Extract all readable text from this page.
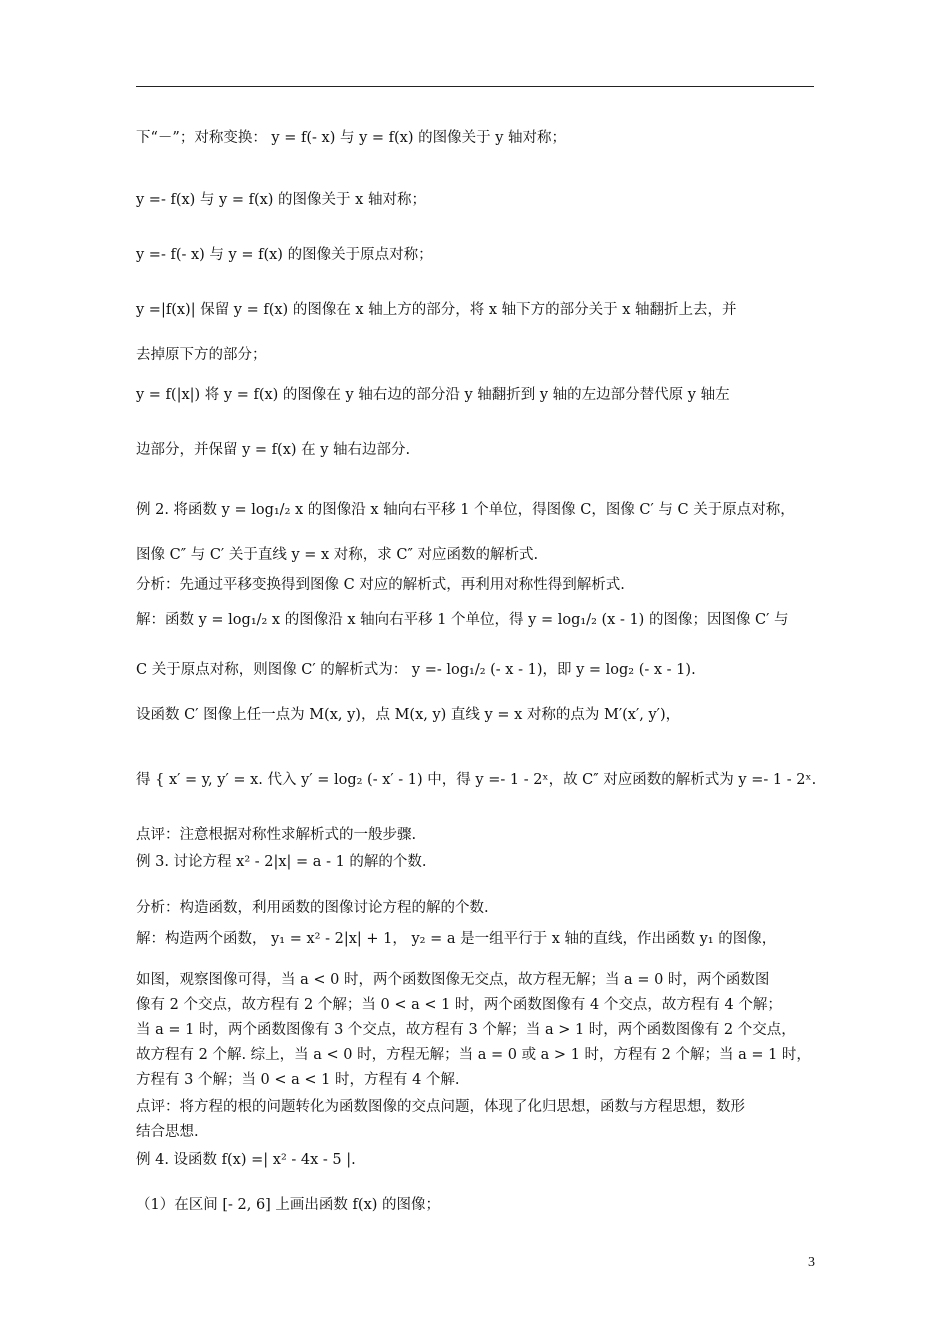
下“－”；对称变换： y = f(- x) 与 y = f(x) 的图像关于 y 轴对称；
y =- f(x) 与 y = f(x) 的图像关于 x 轴对称；
y =- f(- x) 与 y = f(x) 的图像关于原点对称；
y =|f(x)| 保留 y = f(x) 的图像在 x 轴上方的部分，将 x 轴下方的部分关于 x 轴翻折上去，并
去掉原下方的部分；
y = f(|x|) 将 y = f(x) 的图像在 y 轴右边的部分沿 y 轴翻折到 y 轴的左边部分替代原 y 轴左
边部分，并保留 y = f(x) 在 y 轴右边部分.
例 2. 将函数 y = log₁/₂ x 的图像沿 x 轴向右平移 1 个单位，得图像 C，图像 C′ 与 C 关于原点对称，
图像 C″ 与 C′ 关于直线 y = x 对称，求 C″ 对应函数的解析式.
分析：先通过平移变换得到图像 C 对应的解析式，再利用对称性得到解析式.
解：函数 y = log₁/₂ x 的图像沿 x 轴向右平移 1 个单位，得 y = log₁/₂ (x - 1) 的图像；因图像 C′ 与
C 关于原点对称，则图像 C′ 的解析式为： y =- log₁/₂ (- x - 1)，即 y = log₂ (- x - 1).
设函数 C′ 图像上任一点为 M(x, y)，点 M(x, y) 直线 y = x 对称的点为 M′(x′, y′)，
得 { x′ = y, y′ = x. 代入 y′ = log₂ (- x′ - 1) 中，得 y =- 1 - 2ˣ，故 C″ 对应函数的解析式为 y =- 1 - 2ˣ.
点评：注意根据对称性求解析式的一般步骤.
例 3. 讨论方程 x² - 2|x| = a - 1 的解的个数.
分析：构造函数，利用函数的图像讨论方程的解的个数.
解：构造两个函数， y₁ = x² - 2|x| + 1， y₂ = a 是一组平行于 x 轴的直线，作出函数 y₁ 的图像，
如图，观察图像可得，当 a < 0 时，两个函数图像无交点，故方程无解；当 a = 0 时，两个函数图
像有 2 个交点，故方程有 2 个解；当 0 < a < 1 时，两个函数图像有 4 个交点，故方程有 4 个解；
当 a = 1 时，两个函数图像有 3 个交点，故方程有 3 个解；当 a > 1 时，两个函数图像有 2 个交点，
故方程有 2 个解. 综上，当 a < 0 时，方程无解；当 a = 0 或 a > 1 时，方程有 2 个解；当 a = 1 时，
方程有 3 个解；当 0 < a < 1 时，方程有 4 个解.
点评：将方程的根的问题转化为函数图像的交点问题，体现了化归思想，函数与方程思想，数形
结合思想.
例 4. 设函数 f(x) =| x² - 4x - 5 |.
（1）在区间 [- 2, 6] 上画出函数 f(x) 的图像；
3
